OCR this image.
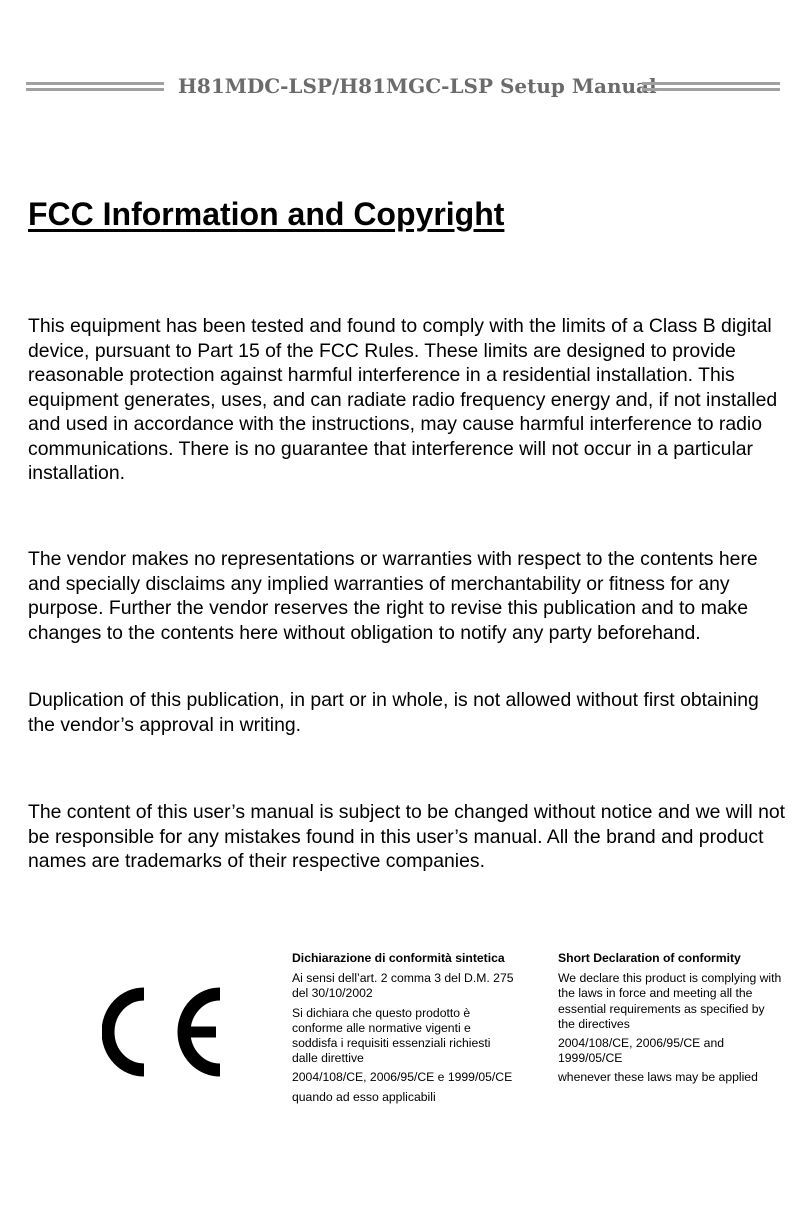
H81MDC-LSP/H81MGC-LSP Setup Manual
FCC Information and Copyright

This equipment has been tested and found to comply with the limits of a Class B digital device, pursuant to Part 15 of the FCC Rules. These limits are designed to provide reasonable protection against harmful interference in a residential installation. This equipment generates, uses, and can radiate radio frequency energy and, if not installed and used in accordance with the instructions, may cause harmful interference to radio communications. There is no guarantee that interference will not occur in a particular installation.

The vendor makes no representations or warranties with respect to the contents here and specially disclaims any implied warranties of merchantability or fitness for any purpose. Further the vendor reserves the right to revise this publication and to make changes to the contents here without obligation to notify any party beforehand.

Duplication of this publication, in part or in whole, is not allowed without first obtaining the vendor’s approval in writing.

The content of this user’s manual is subject to be changed without notice and we will not be responsible for any mistakes found in this user’s manual. All the brand and product names are trademarks of their respective companies.

Dichiarazione di conformità sintetica

Ai sensi dell’art. 2 comma 3 del D.M. 275 del 30/10/2002

Si dichiara che questo prodotto è conforme alle normative vigenti e soddisfa i requisiti essenziali richiesti dalle direttive

2004/108/CE, 2006/95/CE e 1999/05/CE

quando ad esso applicabili

Short Declaration of conformity

We declare this product is complying with the laws in force and meeting all the essential requirements as specified by the directives

2004/108/CE, 2006/95/CE and 1999/05/CE

whenever these laws may be applied
